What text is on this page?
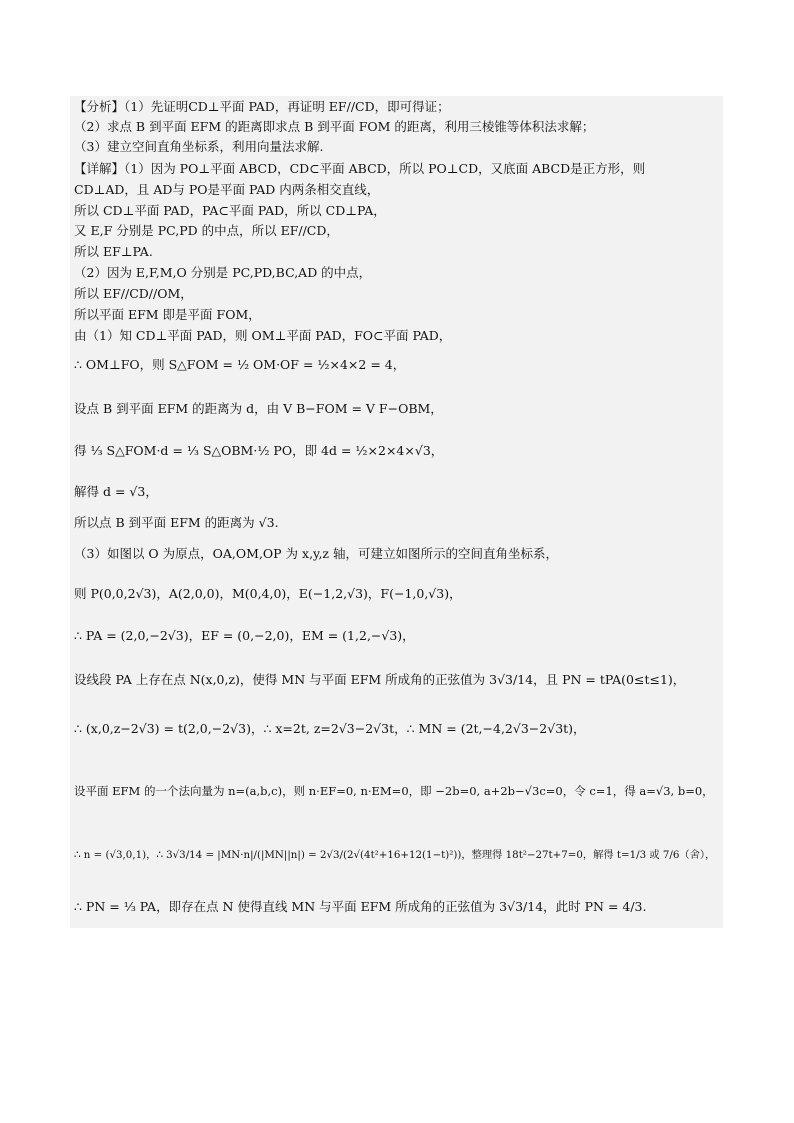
【分析】（1）先证明CD⊥平面 PAD，再证明 EF//CD，即可得证；
（2）求点 B 到平面 EFM 的距离即求点 B 到平面 FOM 的距离，利用三棱锥等体积法求解；
（3）建立空间直角坐标系，利用向量法求解.
【详解】（1）因为 PO⊥平面 ABCD，CD⊂平面 ABCD，所以 PO⊥CD，又底面 ABCD是正方形，则
CD⊥AD，且 AD与 PO是平面 PAD 内两条相交直线，
所以 CD⊥平面 PAD，PA⊂平面 PAD，所以 CD⊥PA，
又 E,F 分别是 PC,PD 的中点，所以 EF//CD，
所以 EF⊥PA.
（2）因为 E,F,M,O 分别是 PC,PD,BC,AD 的中点，
所以 EF//CD//OM，
所以平面 EFM 即是平面 FOM，
由（1）知 CD⊥平面 PAD，则 OM⊥平面 PAD，FO⊂平面 PAD，
∴ OM⊥FO，则 S△FOM = ½ OM·OF = ½×4×2 = 4，
设点 B 到平面 EFM 的距离为 d，由 V B−FOM = V F−OBM，
得 ⅓ S△FOM·d = ⅓ S△OBM·½ PO，即 4d = ½×2×4×√3，
解得 d = √3，
所以点 B 到平面 EFM 的距离为 √3.
（3）如图以 O 为原点，OA,OM,OP 为 x,y,z 轴，可建立如图所示的空间直角坐标系，
则 P(0,0,2√3)，A(2,0,0)，M(0,4,0)，E(−1,2,√3)，F(−1,0,√3)，
∴ PA = (2,0,−2√3)，EF = (0,−2,0)，EM = (1,2,−√3)，
设线段 PA 上存在点 N(x,0,z)，使得 MN 与平面 EFM 所成角的正弦值为 3√3/14，且 PN = tPA(0≤t≤1)，
∴ (x,0,z−2√3) = t(2,0,−2√3)，∴ x=2t, z=2√3−2√3t，∴ MN = (2t,−4,2√3−2√3t)，
设平面 EFM 的一个法向量为 n=(a,b,c)，则 n·EF=0, n·EM=0，即 −2b=0, a+2b−√3c=0，令 c=1，得 a=√3, b=0，
∴ n = (√3,0,1)，∴ 3√3/14 = |MN·n|/(|MN||n|) = 2√3/(2√(4t²+16+12(1−t)²))，整理得 18t²−27t+7=0，解得 t=1/3 或 7/6（舍），
∴ PN = ⅓ PA，即存在点 N 使得直线 MN 与平面 EFM 所成角的正弦值为 3√3/14，此时 PN = 4/3.
